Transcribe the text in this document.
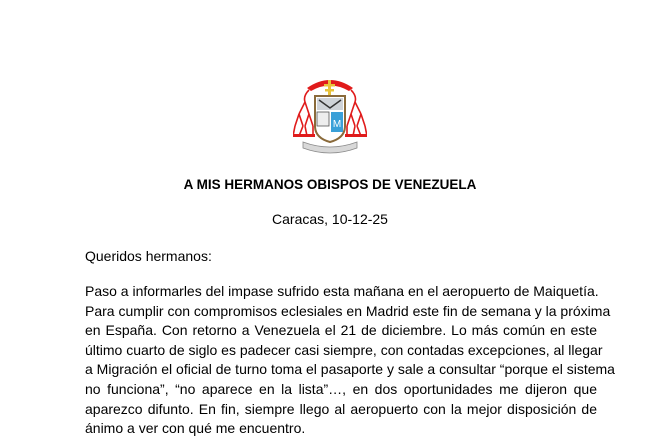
M
A MIS HERMANOS OBISPOS DE VENEZUELA
Caracas, 10-12-25
Queridos hermanos:
Paso a informarles del impase sufrido esta mañana en el aeropuerto de Maiquetía.
Para cumplir con compromisos eclesiales en Madrid este fin de semana y la próxima
en España. Con retorno a Venezuela el 21 de diciembre. Lo más común en este
último cuarto de siglo es padecer casi siempre, con contadas excepciones, al llegar
a Migración el oficial de turno toma el pasaporte y sale a consultar “porque el sistema
no funciona”, “no aparece en la lista”…, en dos oportunidades me dijeron que
aparezco difunto. En fin, siempre llego al aeropuerto con la mejor disposición de
ánimo a ver con qué me encuentro.
